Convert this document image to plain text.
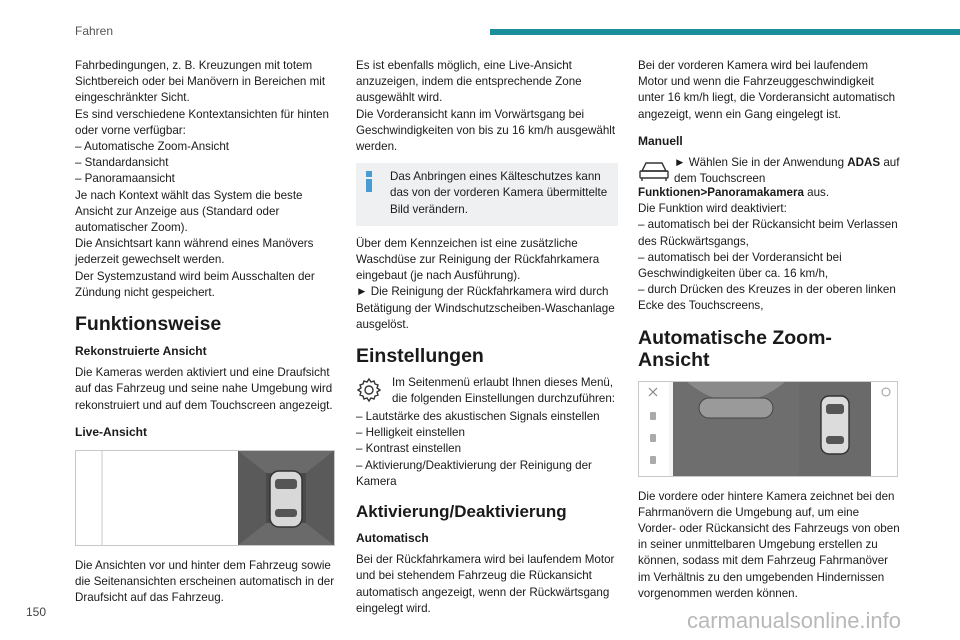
Fahren

Fahrbedingungen, z. B. Kreuzungen mit totem Sichtbereich oder bei Manövern in Bereichen mit eingeschränkter Sicht.

Es sind verschiedene Kontextansichten für hinten oder vorne verfügbar:

– Automatische Zoom-Ansicht

– Standardansicht

– Panoramaansicht

Je nach Kontext wählt das System die beste Ansicht zur Anzeige aus (Standard oder automatischer Zoom).

Die Ansichtsart kann während eines Manövers jederzeit gewechselt werden.

Der Systemzustand wird beim Ausschalten der Zündung nicht gespeichert.

Funktionsweise
Rekonstruierte Ansicht

Die Kameras werden aktiviert und eine Draufsicht auf das Fahrzeug und seine nahe Umgebung wird rekonstruiert und auf dem Touchscreen angezeigt.

Live-Ansicht

Die Ansichten vor und hinter dem Fahrzeug sowie die Seitenansichten erscheinen automatisch in der Draufsicht auf das Fahrzeug.

Es ist ebenfalls möglich, eine Live-Ansicht anzuzeigen, indem die entsprechende Zone ausgewählt wird.

Die Vorderansicht kann im Vorwärtsgang bei Geschwindigkeiten von bis zu 16 km/h ausgewählt werden.

Das Anbringen eines Kälteschutzes kann das von der vorderen Kamera übermittelte Bild verändern.

Über dem Kennzeichen ist eine zusätzliche Waschdüse zur Reinigung der Rückfahrkamera eingebaut (je nach Ausführung).

► Die Reinigung der Rückfahrkamera wird durch Betätigung der Windschutzscheiben-Waschanlage ausgelöst.

Einstellungen

Im Seitenmenü erlaubt Ihnen dieses Menü, die folgenden Einstellungen durchzuführen:

– Lautstärke des akustischen Signals einstellen

– Helligkeit einstellen

– Kontrast einstellen

– Aktivierung/Deaktivierung der Reinigung der Kamera

Aktivierung/Deaktivierung
Automatisch

Bei der Rückfahrkamera wird bei laufendem Motor und bei stehendem Fahrzeug die Rückansicht automatisch angezeigt, wenn der Rückwärtsgang eingelegt wird.

Bei der vorderen Kamera wird bei laufendem Motor und wenn die Fahrzeuggeschwindigkeit unter 16 km/h liegt, die Vorderansicht automatisch angezeigt, wenn ein Gang eingelegt ist.

Manuell

► Wählen Sie in der Anwendung ADAS auf dem Touchscreen

Funktionen>Panoramakamera aus.

Die Funktion wird deaktiviert:

– automatisch bei der Rückansicht beim Verlassen des Rückwärtsgangs,

– automatisch bei der Vorderansicht bei Geschwindigkeiten über ca. 16 km/h,

– durch Drücken des Kreuzes in der oberen linken Ecke des Touchscreens,

Automatische Zoom-Ansicht

Die vordere oder hintere Kamera zeichnet bei den Fahrmanövern die Umgebung auf, um eine Vorder- oder Rückansicht des Fahrzeugs von oben in seiner unmittelbaren Umgebung erstellen zu können, sodass mit dem Fahrzeug Fahrmanöver im Verhältnis zu den umgebenden Hindernissen vorgenommen werden können.

150	carmanualsonline.info
